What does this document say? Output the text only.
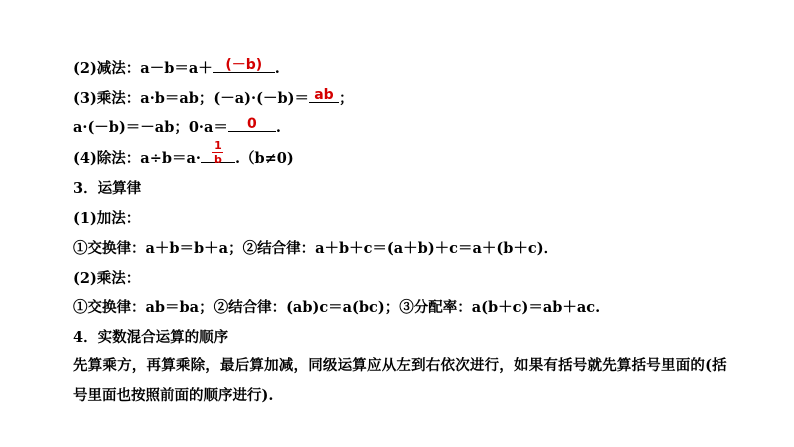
(2)减法：a－b＝a＋ (－b) .
(3)乘法：a·b＝ab；(－a)·(－b)＝ ab ；
a·(－b)＝－ab；0·a＝	0	.
(4)除法：a÷b＝a·
1
b .（b≠0)
3．运算律
(1)加法：
①交换律：a＋b＝b＋a；②结合律：a＋b＋c＝(a＋b)＋c＝a＋(b＋c)．
(2)乘法：
①交换律：ab＝ba；②结合律：(ab)c＝a(bc)；③分配率：a(b＋c)＝ab＋ac.
4．实数混合运算的顺序
先算乘方，再算乘除，最后算加减，同级运算应从左到右依次进行，如果有括号就先算括号里面的(括
号里面也按照前面的顺序进行).
